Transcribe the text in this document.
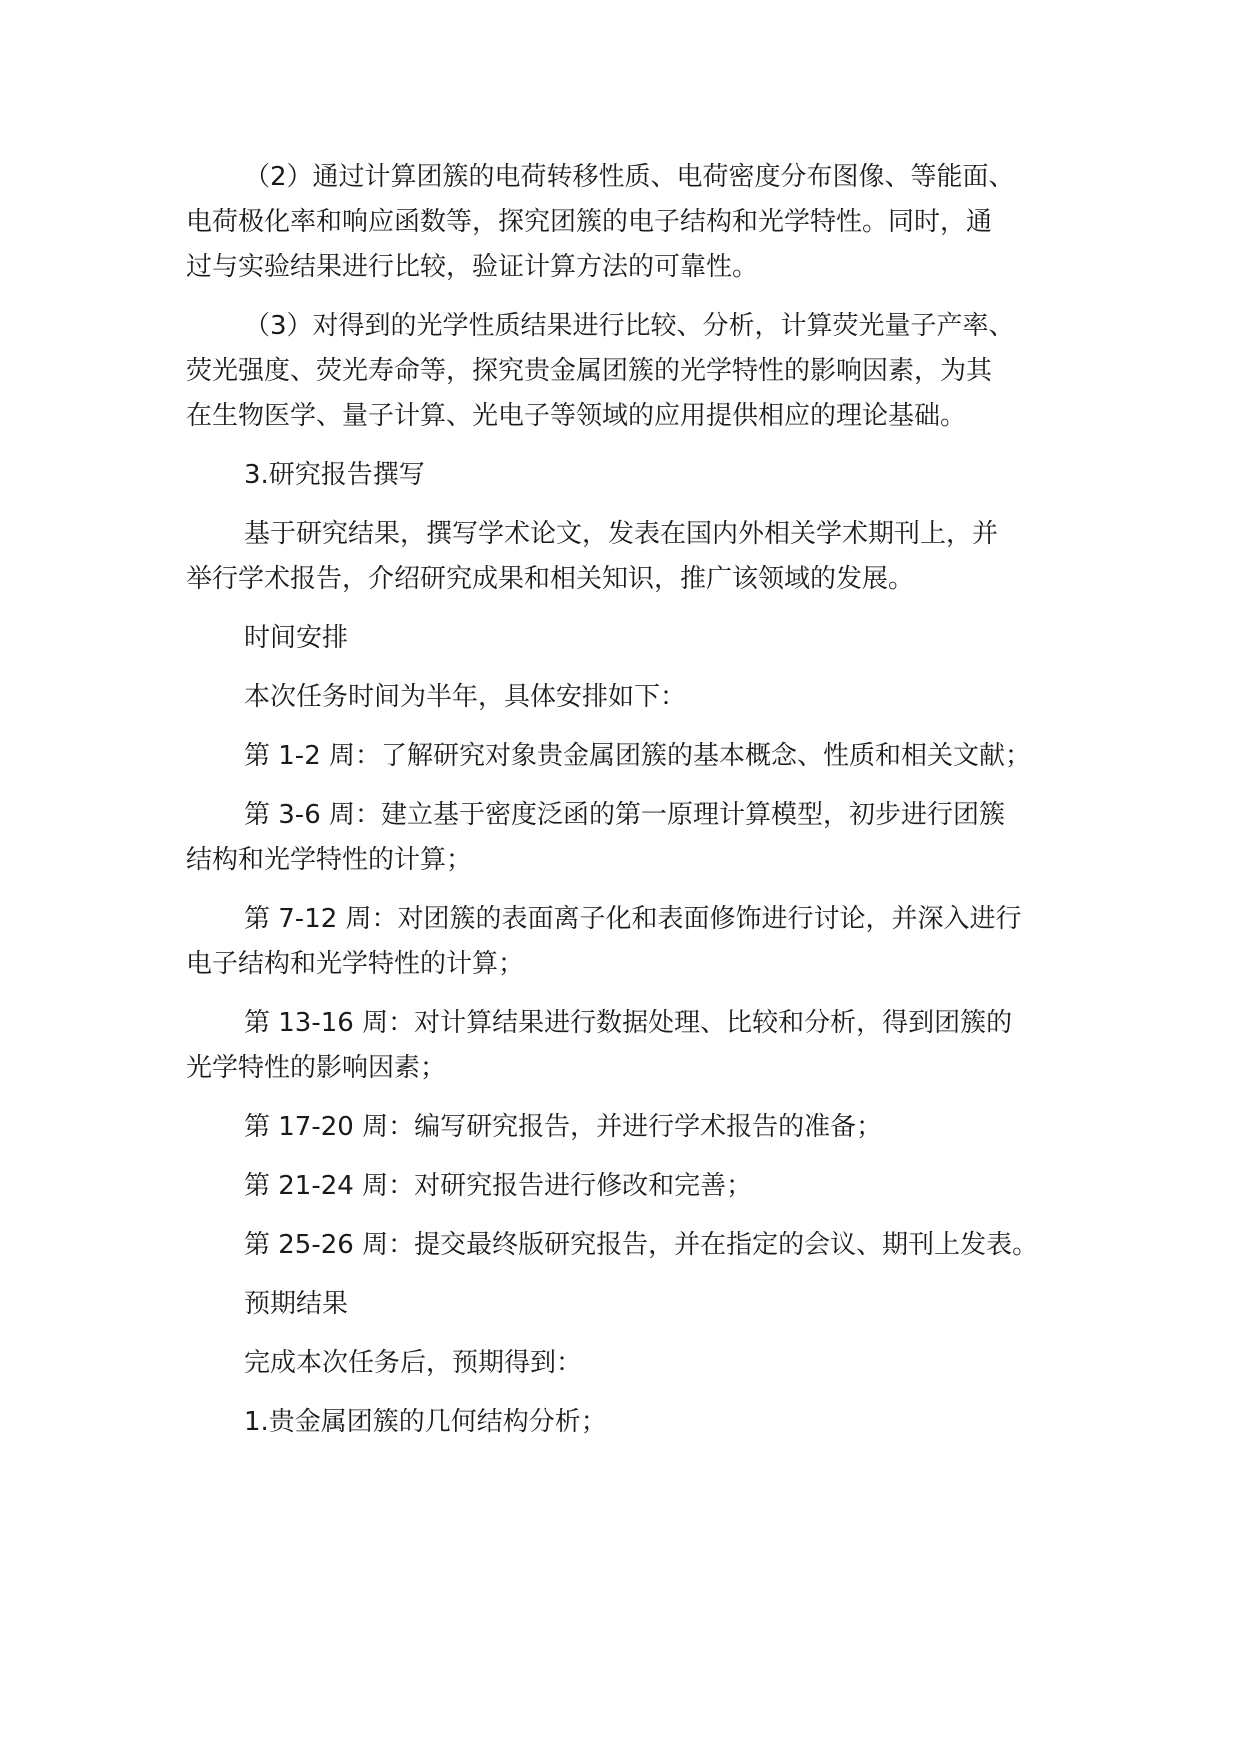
（2）通过计算团簇的电荷转移性质、电荷密度分布图像、等能面、
电荷极化率和响应函数等，探究团簇的电子结构和光学特性。同时，通
过与实验结果进行比较，验证计算方法的可靠性。
（3）对得到的光学性质结果进行比较、分析，计算荧光量子产率、
荧光强度、荧光寿命等，探究贵金属团簇的光学特性的影响因素，为其
在生物医学、量子计算、光电子等领域的应用提供相应的理论基础。
3.研究报告撰写
基于研究结果，撰写学术论文，发表在国内外相关学术期刊上，并
举行学术报告，介绍研究成果和相关知识，推广该领域的发展。
时间安排
本次任务时间为半年，具体安排如下：
第 1-2 周：了解研究对象贵金属团簇的基本概念、性质和相关文献；
第 3-6 周：建立基于密度泛函的第一原理计算模型，初步进行团簇
结构和光学特性的计算；
第 7-12 周：对团簇的表面离子化和表面修饰进行讨论，并深入进行
电子结构和光学特性的计算；
第 13-16 周：对计算结果进行数据处理、比较和分析，得到团簇的
光学特性的影响因素；
第 17-20 周：编写研究报告，并进行学术报告的准备；
第 21-24 周：对研究报告进行修改和完善；
第 25-26 周：提交最终版研究报告，并在指定的会议、期刊上发表。
预期结果
完成本次任务后，预期得到：
1.贵金属团簇的几何结构分析；
